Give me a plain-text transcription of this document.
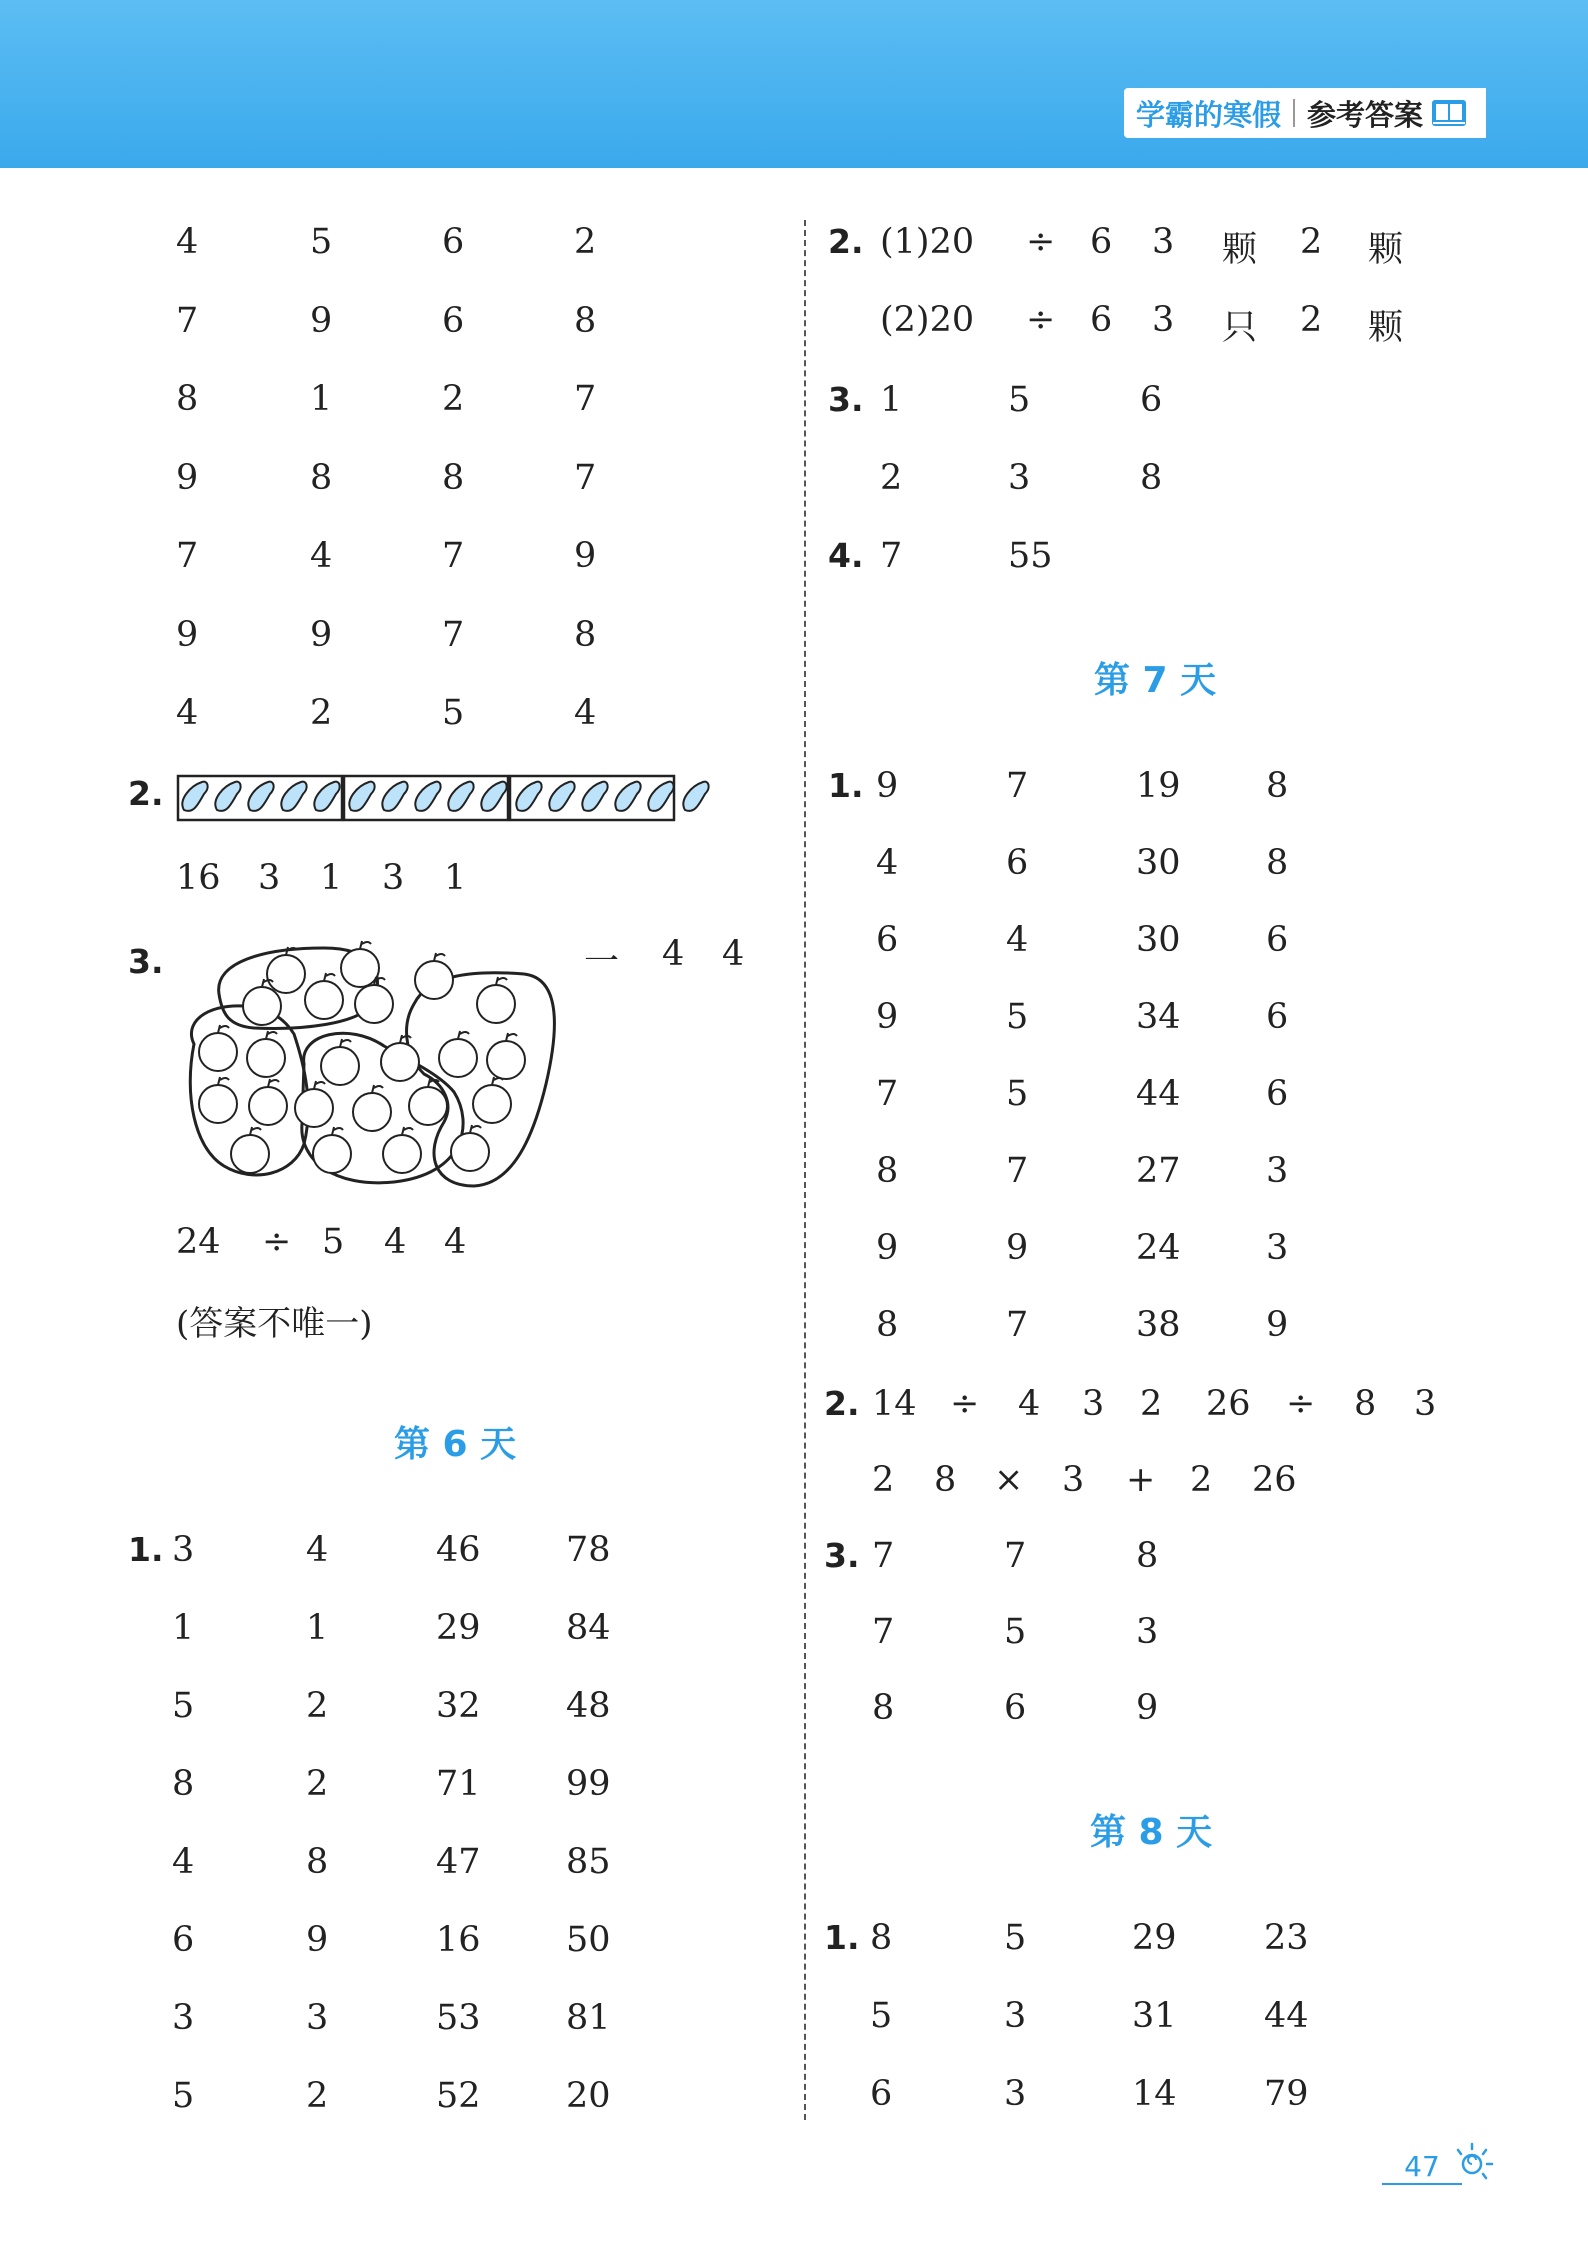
学霸的寒假 参考答案
4	5	6	2
7	9	6	8
8	1	2	7
9	8	8	7
7	4	7	9
9	9	7	8
4	2	5	4
2.
16 3 1 3 1
3.	一 4 4
24 ÷ 5 4 4
(答案不唯一)
第 6 天
1. 3	4	46 78
1	1	29 84
5	2	32 48
8	2	71 99
4	8	47 85
6	9	16 50
3	3	53 81
5	2	52 20
2. (1)20 ÷ 6 3 颗 2 颗
(2)20 ÷ 6 3 只 2 颗
3. 1	5	6
2	3	8
4. 7	55
第 7 天
1. 9	7	19 8
4	6	30 8
6	4	30 6
9	5	34 6
7	5	44 6
8	7	27 3
9	9	24 3
8	7	38 9
2. 14 ÷ 4 3 2 26 ÷ 8 3
2 8 × 3 + 2 26
3. 7	7	8
7	5	3
8	6	9
第 8 天
1. 8	5	29 23
5	3	31 44
6	3	14 79
47
